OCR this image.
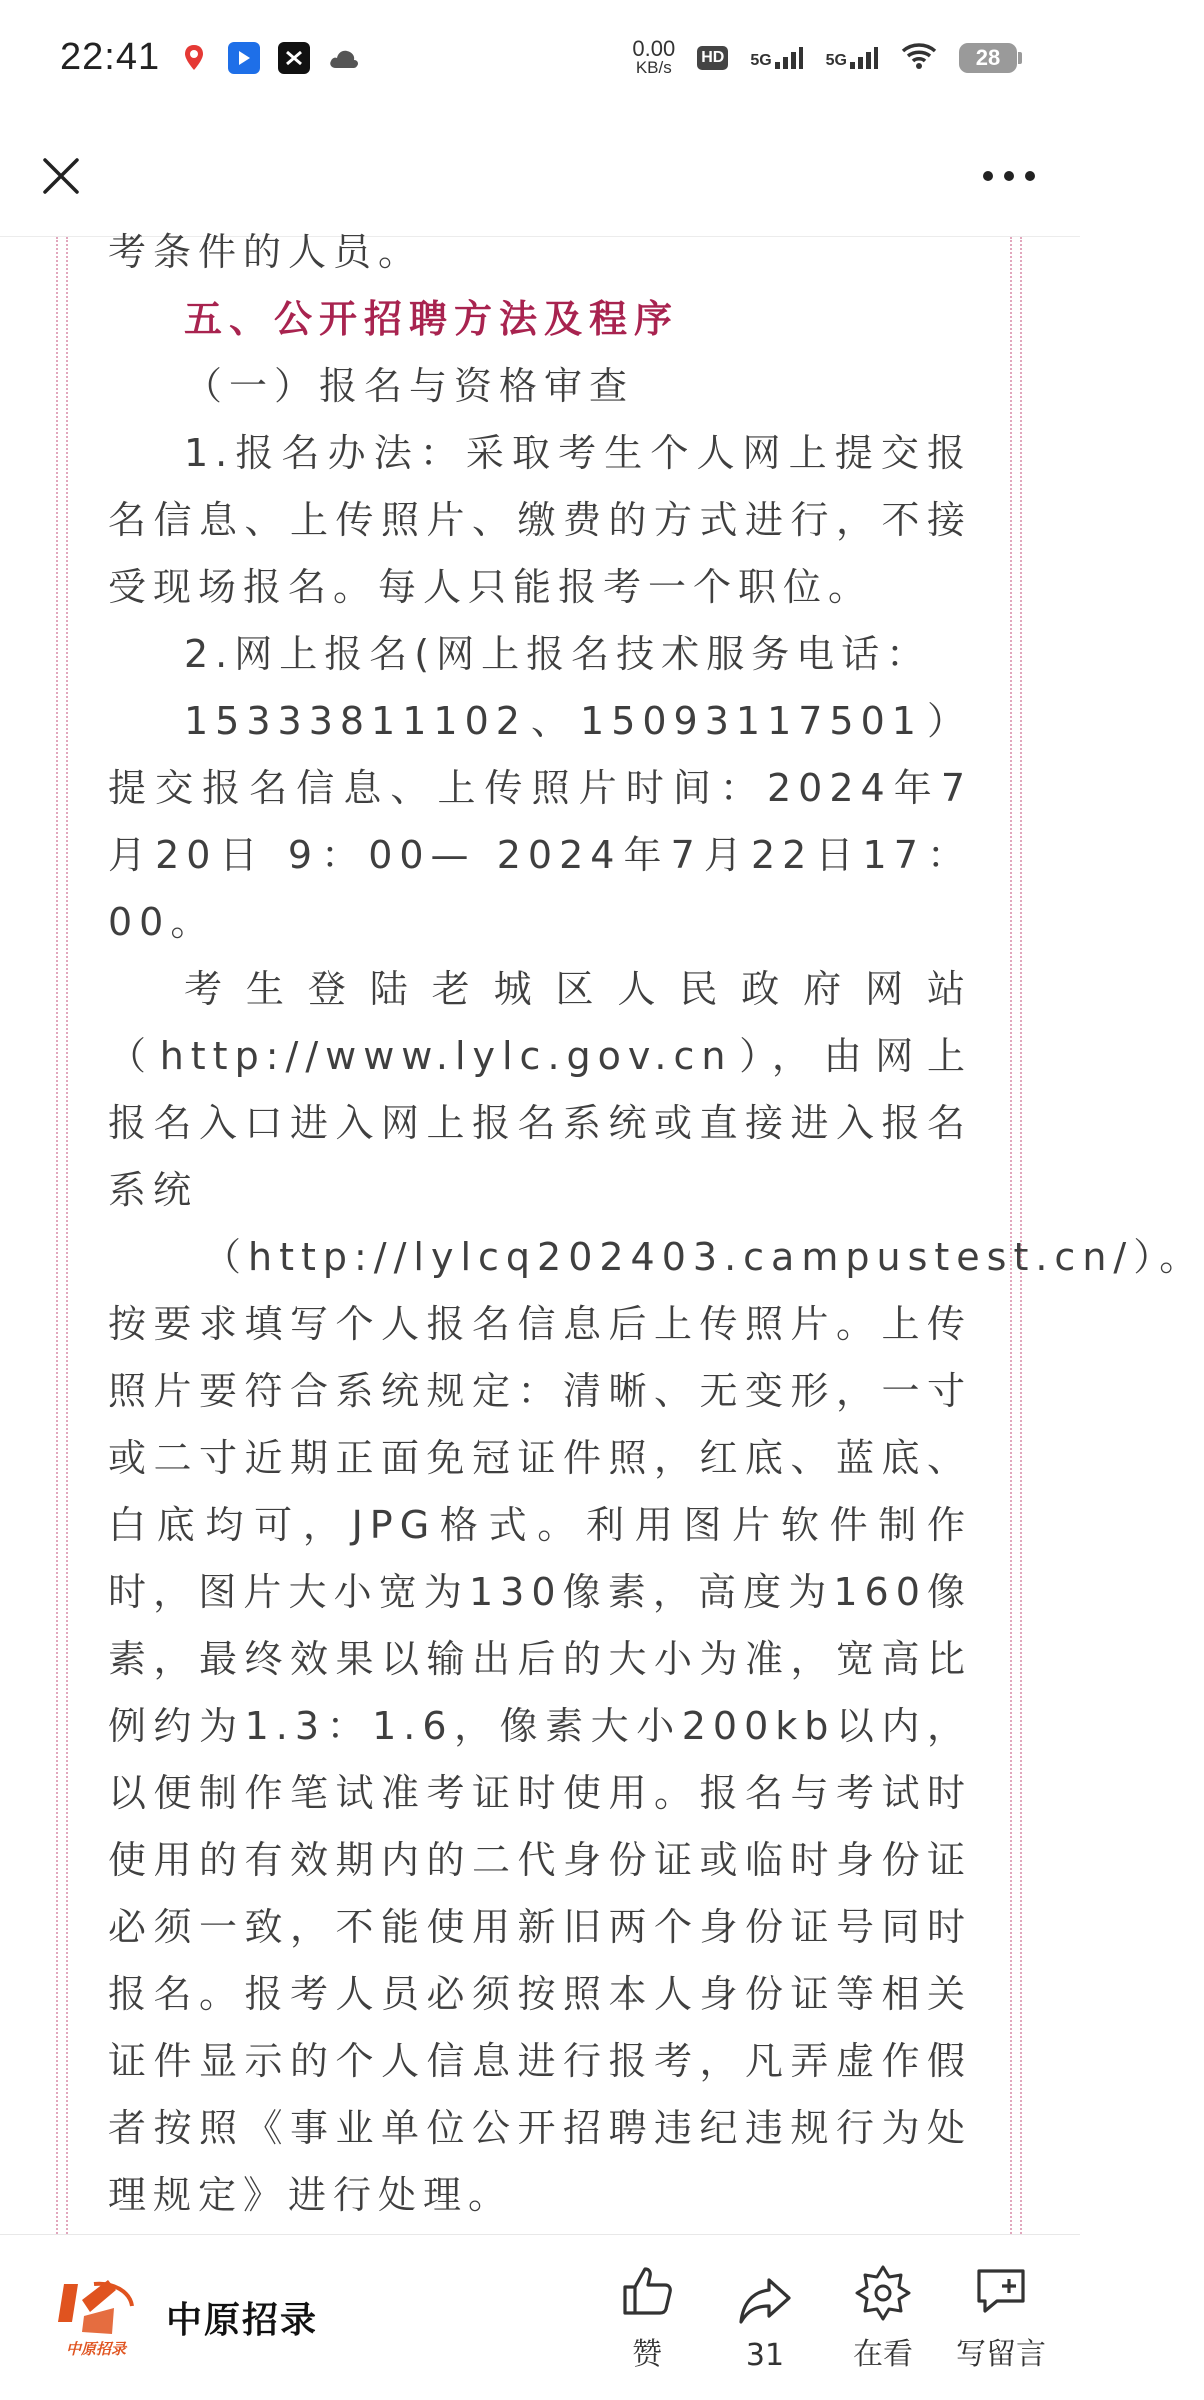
22:41	0.00
KB/s
HD 5G	5G	28

考条件的人员。

五、公开招聘方法及程序

（一）报名与资格审查

1.报名办法：采取考生个人网上提交报名信息、上传照片、缴费的方式进行，不接受现场报名。每人只能报考一个职位。

2.网上报名(网上报名技术服务电话：

15333811102、15093117501）提交报名信息、上传照片时间：2024年7月20日 9：00— 2024年7月22日17：00。

考生登陆老城区人民政府网站（http://www.lylc.gov.cn），由网上报名入口进入网上报名系统或直接进入报名系统

（http://lylcq202403.campustest.cn/）。按要求填写个人报名信息后上传照片。上传照片要符合系统规定：清晰、无变形，一寸或二寸近期正面免冠证件照，红底、蓝底、白底均可，JPG格式。利用图片软件制作时，图片大小宽为130像素，高度为160像素，最终效果以输出后的大小为准，宽高比例约为1.3：1.6，像素大小200kb以内，以便制作笔试准考证时使用。报名与考试时使用的有效期内的二代身份证或临时身份证必须一致，不能使用新旧两个身份证号同时报名。报考人员必须按照本人身份证等相关证件显示的个人信息进行报考，凡弄虚作假者按照《事业单位公开招聘违纪违规行为处理规定》进行处理。

中原招录
中原招录
赞	31 在看 写留言
